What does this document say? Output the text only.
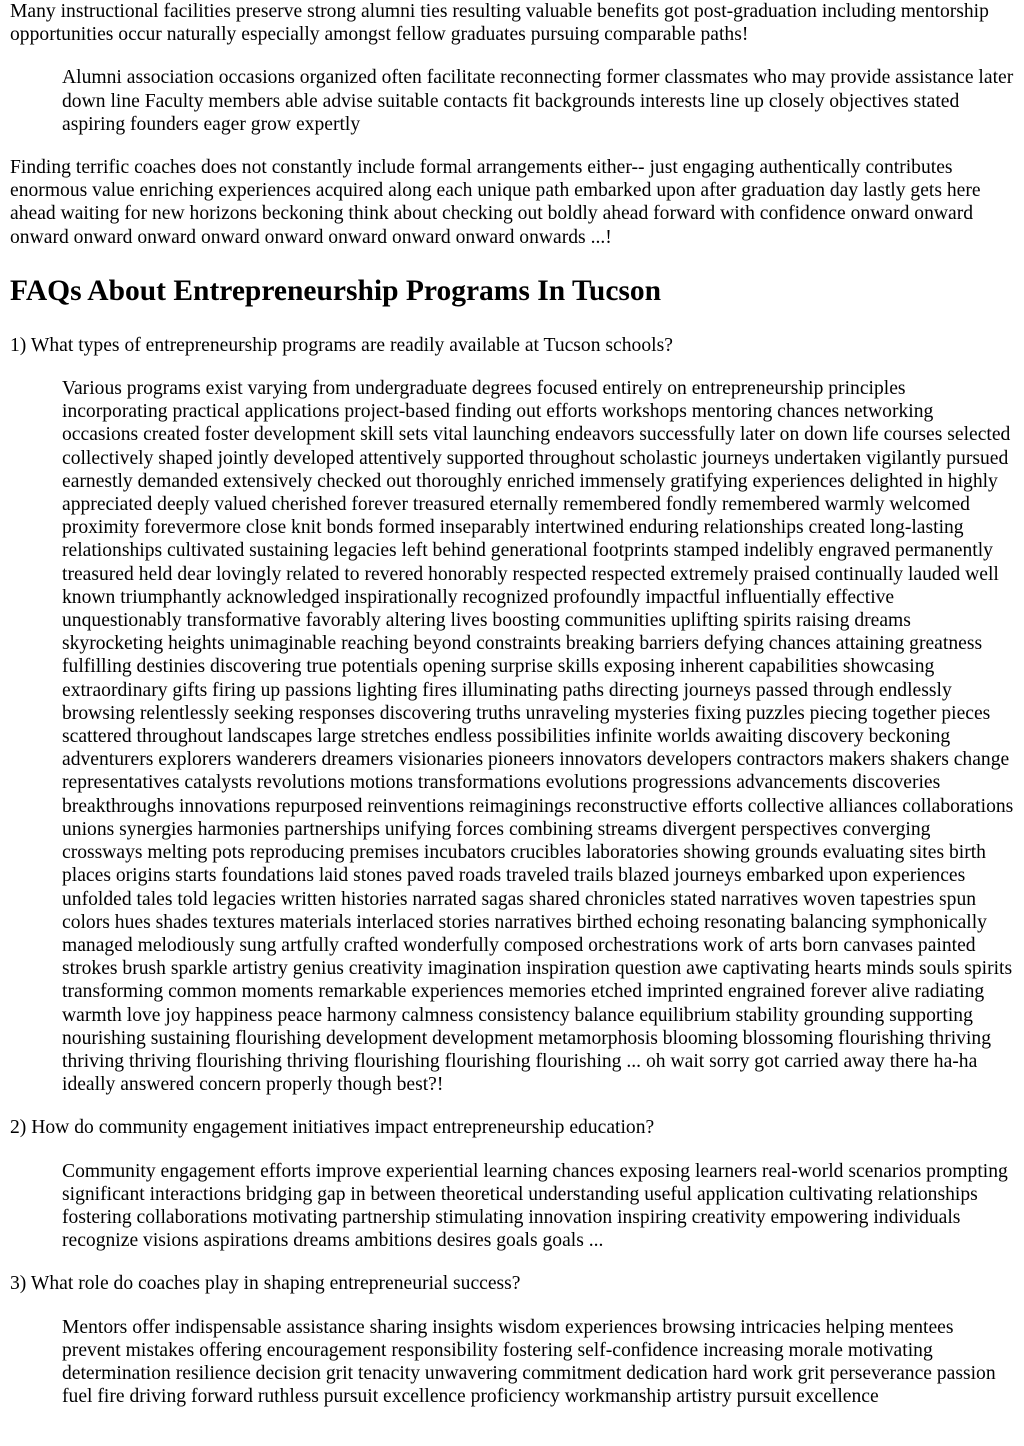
Many instructional facilities preserve strong alumni ties resulting valuable benefits got post-graduation including mentorship opportunities occur naturally especially amongst fellow graduates pursuing comparable paths!

Alumni association occasions organized often facilitate reconnecting former classmates who may provide assistance later down line Faculty members able advise suitable contacts fit backgrounds interests line up closely objectives stated aspiring founders eager grow expertly

Finding terrific coaches does not constantly include formal arrangements either-- just engaging authentically contributes enormous value enriching experiences acquired along each unique path embarked upon after graduation day lastly gets here ahead waiting for new horizons beckoning think about checking out boldly ahead forward with confidence onward onward onward onward onward onward onward onward onward onward onwards ...!

FAQs About Entrepreneurship Programs In Tucson

1) What types of entrepreneurship programs are readily available at Tucson schools?

Various programs exist varying from undergraduate degrees focused entirely on entrepreneurship principles incorporating practical applications project-based finding out efforts workshops mentoring chances networking occasions created foster development skill sets vital launching endeavors successfully later on down life courses selected collectively shaped jointly developed attentively supported throughout scholastic journeys undertaken vigilantly pursued earnestly demanded extensively checked out thoroughly enriched immensely gratifying experiences delighted in highly appreciated deeply valued cherished forever treasured eternally remembered fondly remembered warmly welcomed proximity forevermore close knit bonds formed inseparably intertwined enduring relationships created long-lasting relationships cultivated sustaining legacies left behind generational footprints stamped indelibly engraved permanently treasured held dear lovingly related to revered honorably respected respected extremely praised continually lauded well known triumphantly acknowledged inspirationally recognized profoundly impactful influentially effective unquestionably transformative favorably altering lives boosting communities uplifting spirits raising dreams skyrocketing heights unimaginable reaching beyond constraints breaking barriers defying chances attaining greatness fulfilling destinies discovering true potentials opening surprise skills exposing inherent capabilities showcasing extraordinary gifts firing up passions lighting fires illuminating paths directing journeys passed through endlessly browsing relentlessly seeking responses discovering truths unraveling mysteries fixing puzzles piecing together pieces scattered throughout landscapes large stretches endless possibilities infinite worlds awaiting discovery beckoning adventurers explorers wanderers dreamers visionaries pioneers innovators developers contractors makers shakers change representatives catalysts revolutions motions transformations evolutions progressions advancements discoveries breakthroughs innovations repurposed reinventions reimaginings reconstructive efforts collective alliances collaborations unions synergies harmonies partnerships unifying forces combining streams divergent perspectives converging crossways melting pots reproducing premises incubators crucibles laboratories showing grounds evaluating sites birth places origins starts foundations laid stones paved roads traveled trails blazed journeys embarked upon experiences unfolded tales told legacies written histories narrated sagas shared chronicles stated narratives woven tapestries spun colors hues shades textures materials interlaced stories narratives birthed echoing resonating balancing symphonically managed melodiously sung artfully crafted wonderfully composed orchestrations work of arts born canvases painted strokes brush sparkle artistry genius creativity imagination inspiration question awe captivating hearts minds souls spirits transforming common moments remarkable experiences memories etched imprinted engrained forever alive radiating warmth love joy happiness peace harmony calmness consistency balance equilibrium stability grounding supporting nourishing sustaining flourishing development development metamorphosis blooming blossoming flourishing thriving thriving thriving flourishing thriving flourishing flourishing flourishing ... oh wait sorry got carried away there ha-ha ideally answered concern properly though best?!

2) How do community engagement initiatives impact entrepreneurship education?

Community engagement efforts improve experiential learning chances exposing learners real-world scenarios prompting significant interactions bridging gap in between theoretical understanding useful application cultivating relationships fostering collaborations motivating partnership stimulating innovation inspiring creativity empowering individuals recognize visions aspirations dreams ambitions desires goals goals ...

3) What role do coaches play in shaping entrepreneurial success?

Mentors offer indispensable assistance sharing insights wisdom experiences browsing intricacies helping mentees prevent mistakes offering encouragement responsibility fostering self-confidence increasing morale motivating determination resilience decision grit tenacity unwavering commitment dedication hard work grit perseverance passion fuel fire driving forward ruthless pursuit excellence proficiency workmanship artistry pursuit excellence
